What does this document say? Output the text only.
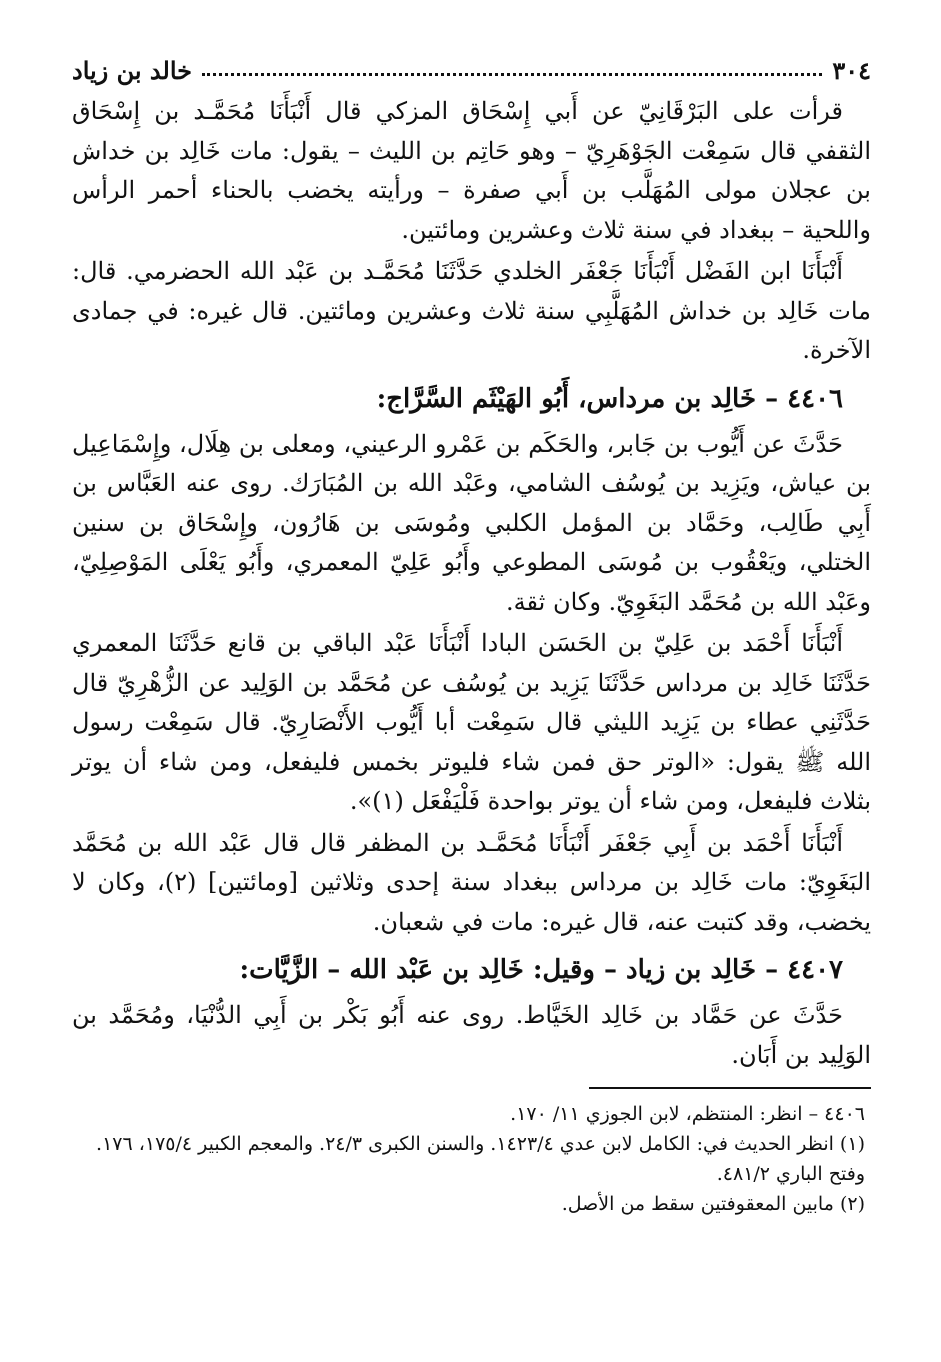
٣٠٤
خالد بن زياد

قرأت على البَرْقَانِيّ عن أَبي إِسْحَاق المزكي قال أَنْبَأَنَا مُحَمَّـد بن إِسْحَاق الثقفي قال سَمِعْت الجَوْهَرِيّ – وهو حَاتِم بن الليث – يقول: مات خَالِد بن خداش بن عجلان مولى المُهَلَّب بن أَبي صفرة – ورأيته يخضب بالحناء أحمر الرأس واللحية – ببغداد في سنة ثلاث وعشرين ومائتين.

أَنْبَأَنَا ابن الفَضْل أَنْبَأَنَا جَعْفَر الخلدي حَدَّثَنَا مُحَمَّـد بن عَبْد الله الحضرمي. قال: مات خَالِد بن خداش المُهَلَّبِي سنة ثلاث وعشرين ومائتين. قال غيره: في جمادى الآخرة.

٤٤٠٦ – خَالِد بن مرداس، أَبُو الهَيْثَم السَّرَّاج:

حَدَّثَ عن أَيُّوب بن جَابر، والحَكَم بن عَمْرو الرعيني، ومعلى بن هِلَال، وإِسْمَاعِيل بن عياش، ويَزِيد بن يُوسُف الشامي، وعَبْد الله بن المُبَارَك. روى عنه العَبَّاس بن أَبِي طَالِب، وحَمَّاد بن المؤمل الكلبي ومُوسَى بن هَارُون، وإِسْحَاق بن سنين الختلي، ويَعْقُوب بن مُوسَى المطوعي وأَبُو عَلِيّ المعمري، وأَبُو يَعْلَى المَوْصِلِيّ، وعَبْد الله بن مُحَمَّد البَغَوِيّ. وكان ثقة.

أَنْبَأَنَا أَحْمَد بن عَلِيّ بن الحَسَن البادا أَنْبَأَنَا عَبْد الباقي بن قانع حَدَّثَنَا المعمري حَدَّثَنَا خَالِد بن مرداس حَدَّثَنَا يَزِيد بن يُوسُف عن مُحَمَّد بن الوَلِيد عن الزُّهْرِيّ قال حَدَّثَنِي عطاء بن يَزِيد الليثي قال سَمِعْت أبا أَيُّوب الأَنْصَارِيّ. قال سَمِعْت رسول الله ﷺ يقول: «الوتر حق فمن شاء فليوتر بخمس فليفعل، ومن شاء أن يوتر بثلاث فليفعل، ومن شاء أن يوتر بواحدة فَلْيَفْعَل (١)».

أَنْبَأَنَا أَحْمَد بن أَبِي جَعْفَر أَنْبَأَنَا مُحَمَّـد بن المظفر قال قال عَبْد الله بن مُحَمَّد البَغَوِيّ: مات خَالِد بن مرداس ببغداد سنة إحدى وثلاثين [ومائتين] (٢)، وكان لا يخضب، وقد كتبت عنه، قال غيره: مات في شعبان.

٤٤٠٧ – خَالِد بن زياد – وقيل: خَالِد بن عَبْد الله – الزَّيَّات:

حَدَّثَ عن حَمَّاد بن خَالِد الخَيَّاط. روى عنه أَبُو بَكْر بن أَبِي الدُّنْيَا، ومُحَمَّد بن الوَلِيد بن أَبَان.

٤٤٠٦ – انظر: المنتظم، لابن الجوزي ١١/ ١٧٠.

(١) انظر الحديث في: الكامل لابن عدي ١٤٢٣/٤. والسنن الكبرى ٢٤/٣. والمعجم الكبير ١٧٥/٤، ١٧٦. وفتح الباري ٤٨١/٢.

(٢) مابين المعقوفتين سقط من الأصل.
